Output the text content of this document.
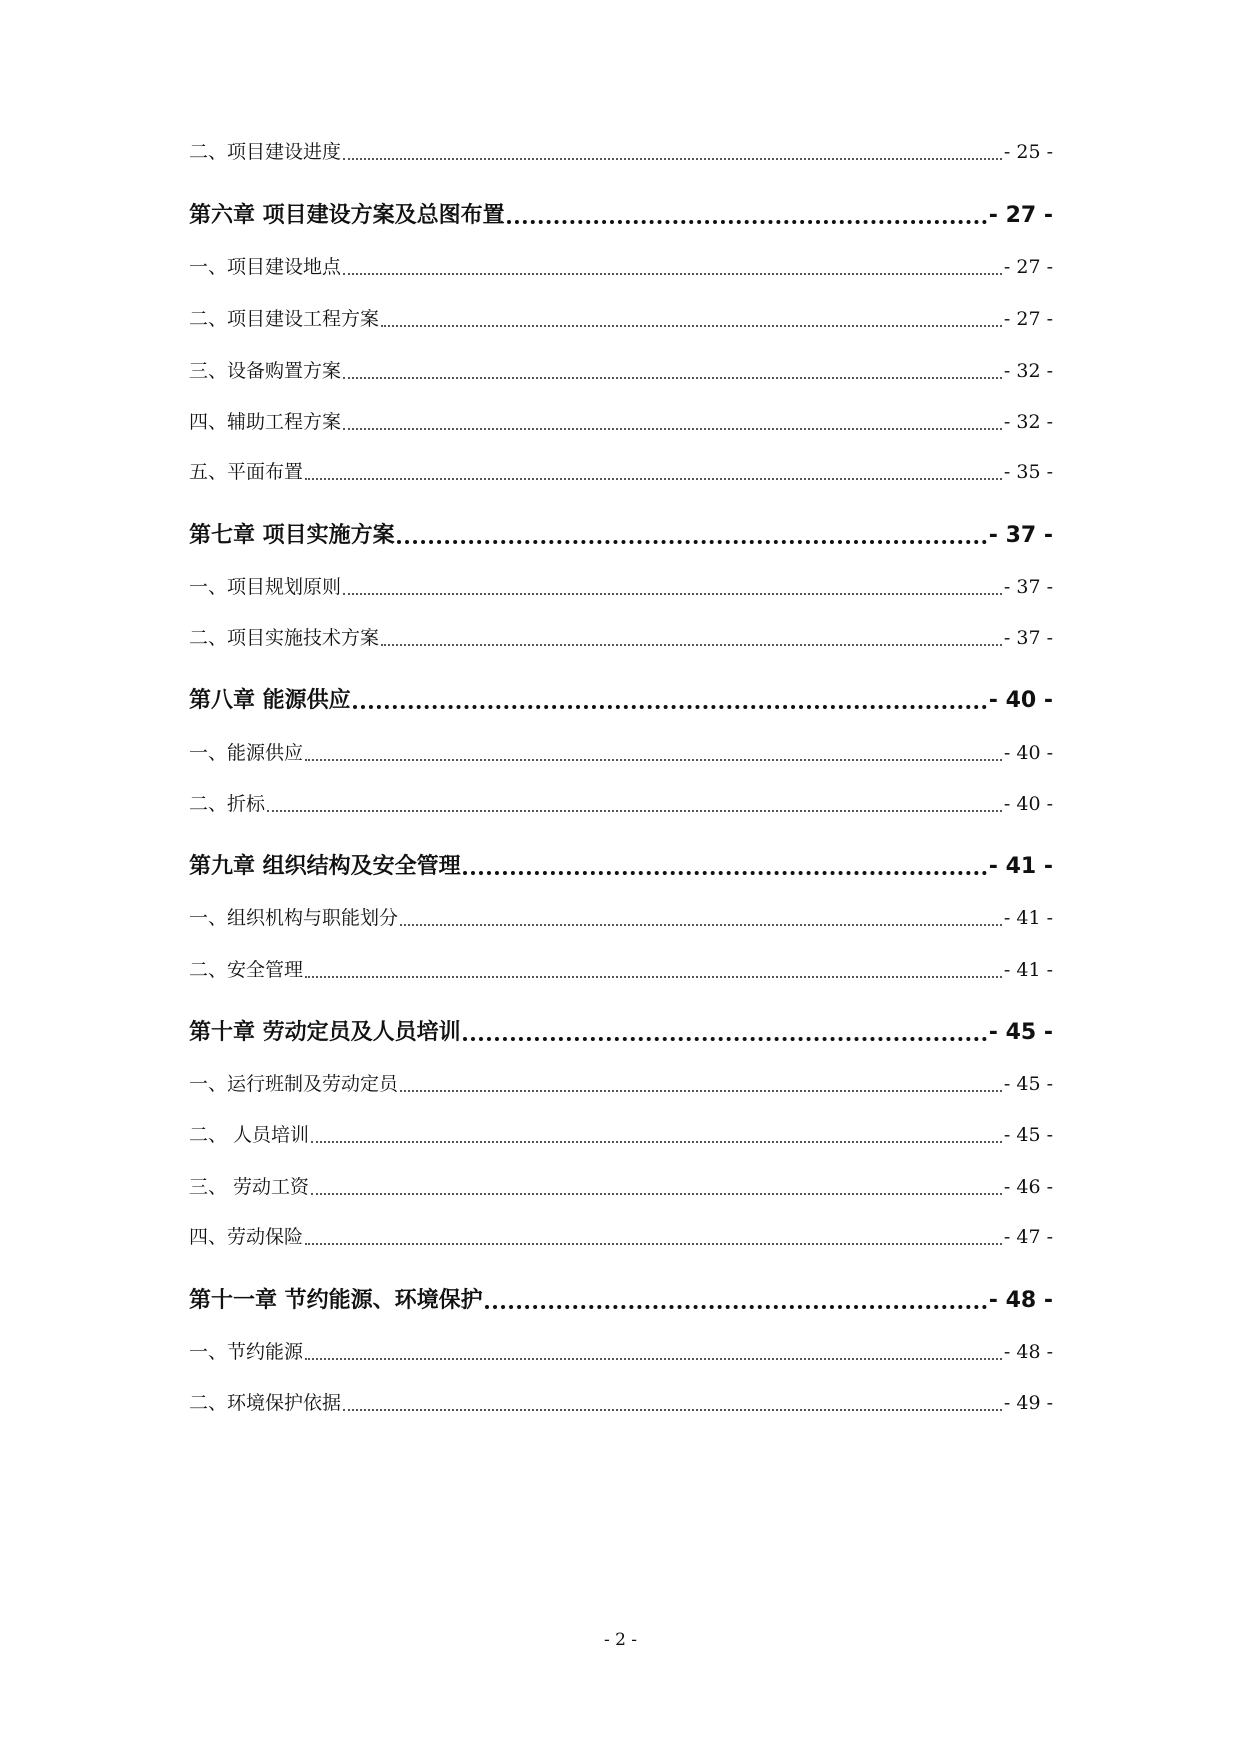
二、项目建设进度	- 25 -
第六章 项目建设方案及总图布置	- 27 -
一、项目建设地点	- 27 -
二、项目建设工程方案	- 27 -
三、设备购置方案	- 32 -
四、辅助工程方案	- 32 -
五、平面布置	- 35 -
第七章 项目实施方案	- 37 -
一、项目规划原则	- 37 -
二、项目实施技术方案	- 37 -
第八章 能源供应	- 40 -
一、能源供应	- 40 -
二、折标	- 40 -
第九章 组织结构及安全管理	- 41 -
一、组织机构与职能划分	- 41 -
二、安全管理	- 41 -
第十章 劳动定员及人员培训	- 45 -
一、运行班制及劳动定员	- 45 -
二、 人员培训	- 45 -
三、 劳动工资	- 46 -
四、劳动保险	- 47 -
第十一章 节约能源、环境保护	- 48 -
一、节约能源	- 48 -
二、环境保护依据	- 49 -
- 2 -
